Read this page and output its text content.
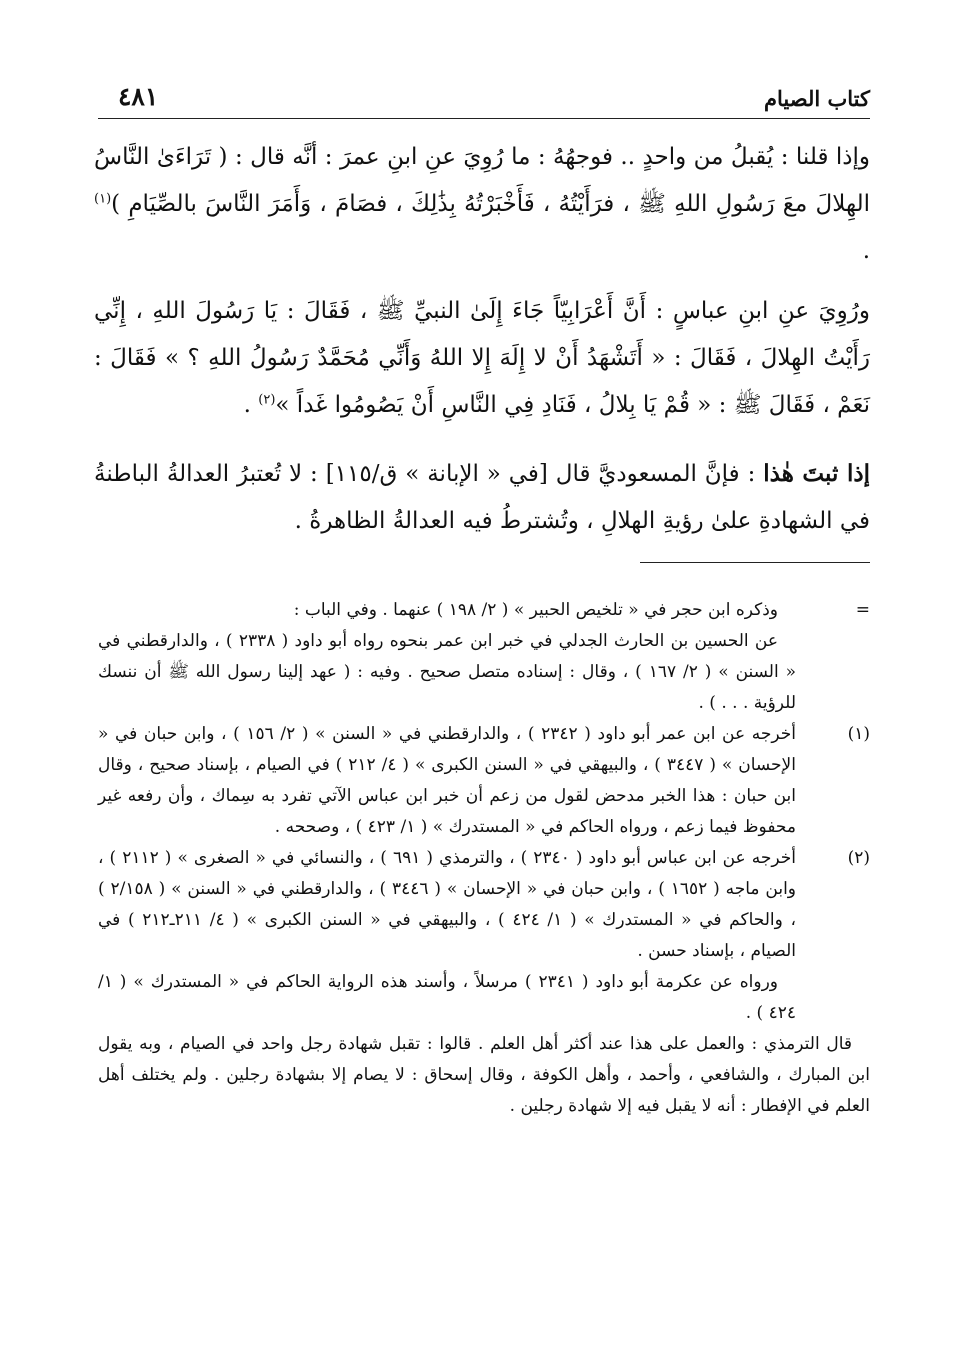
كتاب الصيام
٤٨١

وإذا قلنا : يُقبلُ من واحدٍ .. فوجهُهُ : ما رُوِيَ عنِ ابنِ عمرَ : أنَّه قال : ( تَرَاءَىٰ النَّاسُ الهِلالَ معَ رَسُولِ اللهِ ﷺ ، فرَأَيْتُهُ ، فَأَخْبَرْتُهُ بِذَٰلِكَ ، فصَامَ ، وَأَمَرَ النَّاسَ بالصِّيَامِ )$^{(١)}$ .

ورُوِيَ عنِ ابنِ عباسٍ : أَنَّ أَعْرَابِيّاً جَاءَ إِلَىٰ النبيِّ ﷺ ، فَقَالَ : يَا رَسُولَ اللهِ ، إِنِّي رَأَيْتُ الهِلالَ ، فَقَالَ : « أَتَشْهَدُ أَنْ لا إِلَهَ إِلا اللهُ وَأَنِّي مُحَمَّدٌ رَسُولُ اللهِ ؟ » فَقَالَ : نَعَمْ ، فَقَالَ ﷺ : « قُمْ يَا بِلالُ ، فَنَادِ فِي النَّاسِ أَنْ يَصُومُوا غَداً »$^{(٢)}$ .

إذا ثبتَ هٰذا : فإنَّ المسعوديَّ قال [في « الإبانة » ق/١١٥] : لا تُعتبرُ العدالةُ الباطنةُ في الشهادةِ علىٰ رؤيةِ الهلالِ ، وتُشترطُ فيه العدالةُ الظاهرةُ .

=

وذكره ابن حجر في « تلخيص الحبير » ( ٢/ ١٩٨ ) عنهما . وفي الباب :

عن الحسين بن الحارث الجدلي في خبر ابن عمر بنحوه رواه أبو داود ( ٢٣٣٨ ) ، والدارقطني في « السنن » ( ٢/ ١٦٧ ) ، وقال : إسناده متصل صحيح . وفيه : ( عهد إلينا رسول الله ﷺ أن ننسك للرؤية . . . ) .

(١)

أخرجه عن ابن عمر أبو داود ( ٢٣٤٢ ) ، والدارقطني في « السنن » ( ٢/ ١٥٦ ) ، وابن حبان في « الإحسان » ( ٣٤٤٧ ) ، والبيهقي في « السنن الكبرى » ( ٤/ ٢١٢ ) في الصيام ، بإسناد صحيح ، وقال ابن حبان : هذا الخبر مدحض لقول من زعم أن خبر ابن عباس الآتي تفرد به سِماك ، وأن رفعه غير محفوظ فيما زعم ، ورواه الحاكم في « المستدرك » ( ١/ ٤٢٣ ) ، وصححه .

(٢)

أخرجه عن ابن عباس أبو داود ( ٢٣٤٠ ) ، والترمذي ( ٦٩١ ) ، والنسائي في « الصغرى » ( ٢١١٢ ) ، وابن ماجه ( ١٦٥٢ ) ، وابن حبان في « الإحسان » ( ٣٤٤٦ ) ، والدارقطني في « السنن » ( ٢/١٥٨ ) ، والحاكم في « المستدرك » ( ١/ ٤٢٤ ) ، والبيهقي في « السنن الكبرى » ( ٤/ ٢١١ـ٢١٢ ) في الصيام ، بإسناد حسن .

ورواه عن عكرمة أبو داود ( ٢٣٤١ ) مرسلاً ، وأسند هذه الرواية الحاكم في « المستدرك » ( ١/ ٤٢٤ ) .

قال الترمذي : والعمل على هذا عند أكثر أهل العلم . قالوا : تقبل شهادة رجل واحد في الصيام ، وبه يقول ابن المبارك ، والشافعي ، وأحمد ، وأهل الكوفة ، وقال إسحاق : لا يصام إلا بشهادة رجلين . ولم يختلف أهل العلم في الإفطار : أنه لا يقبل فيه إلا شهادة رجلين .
